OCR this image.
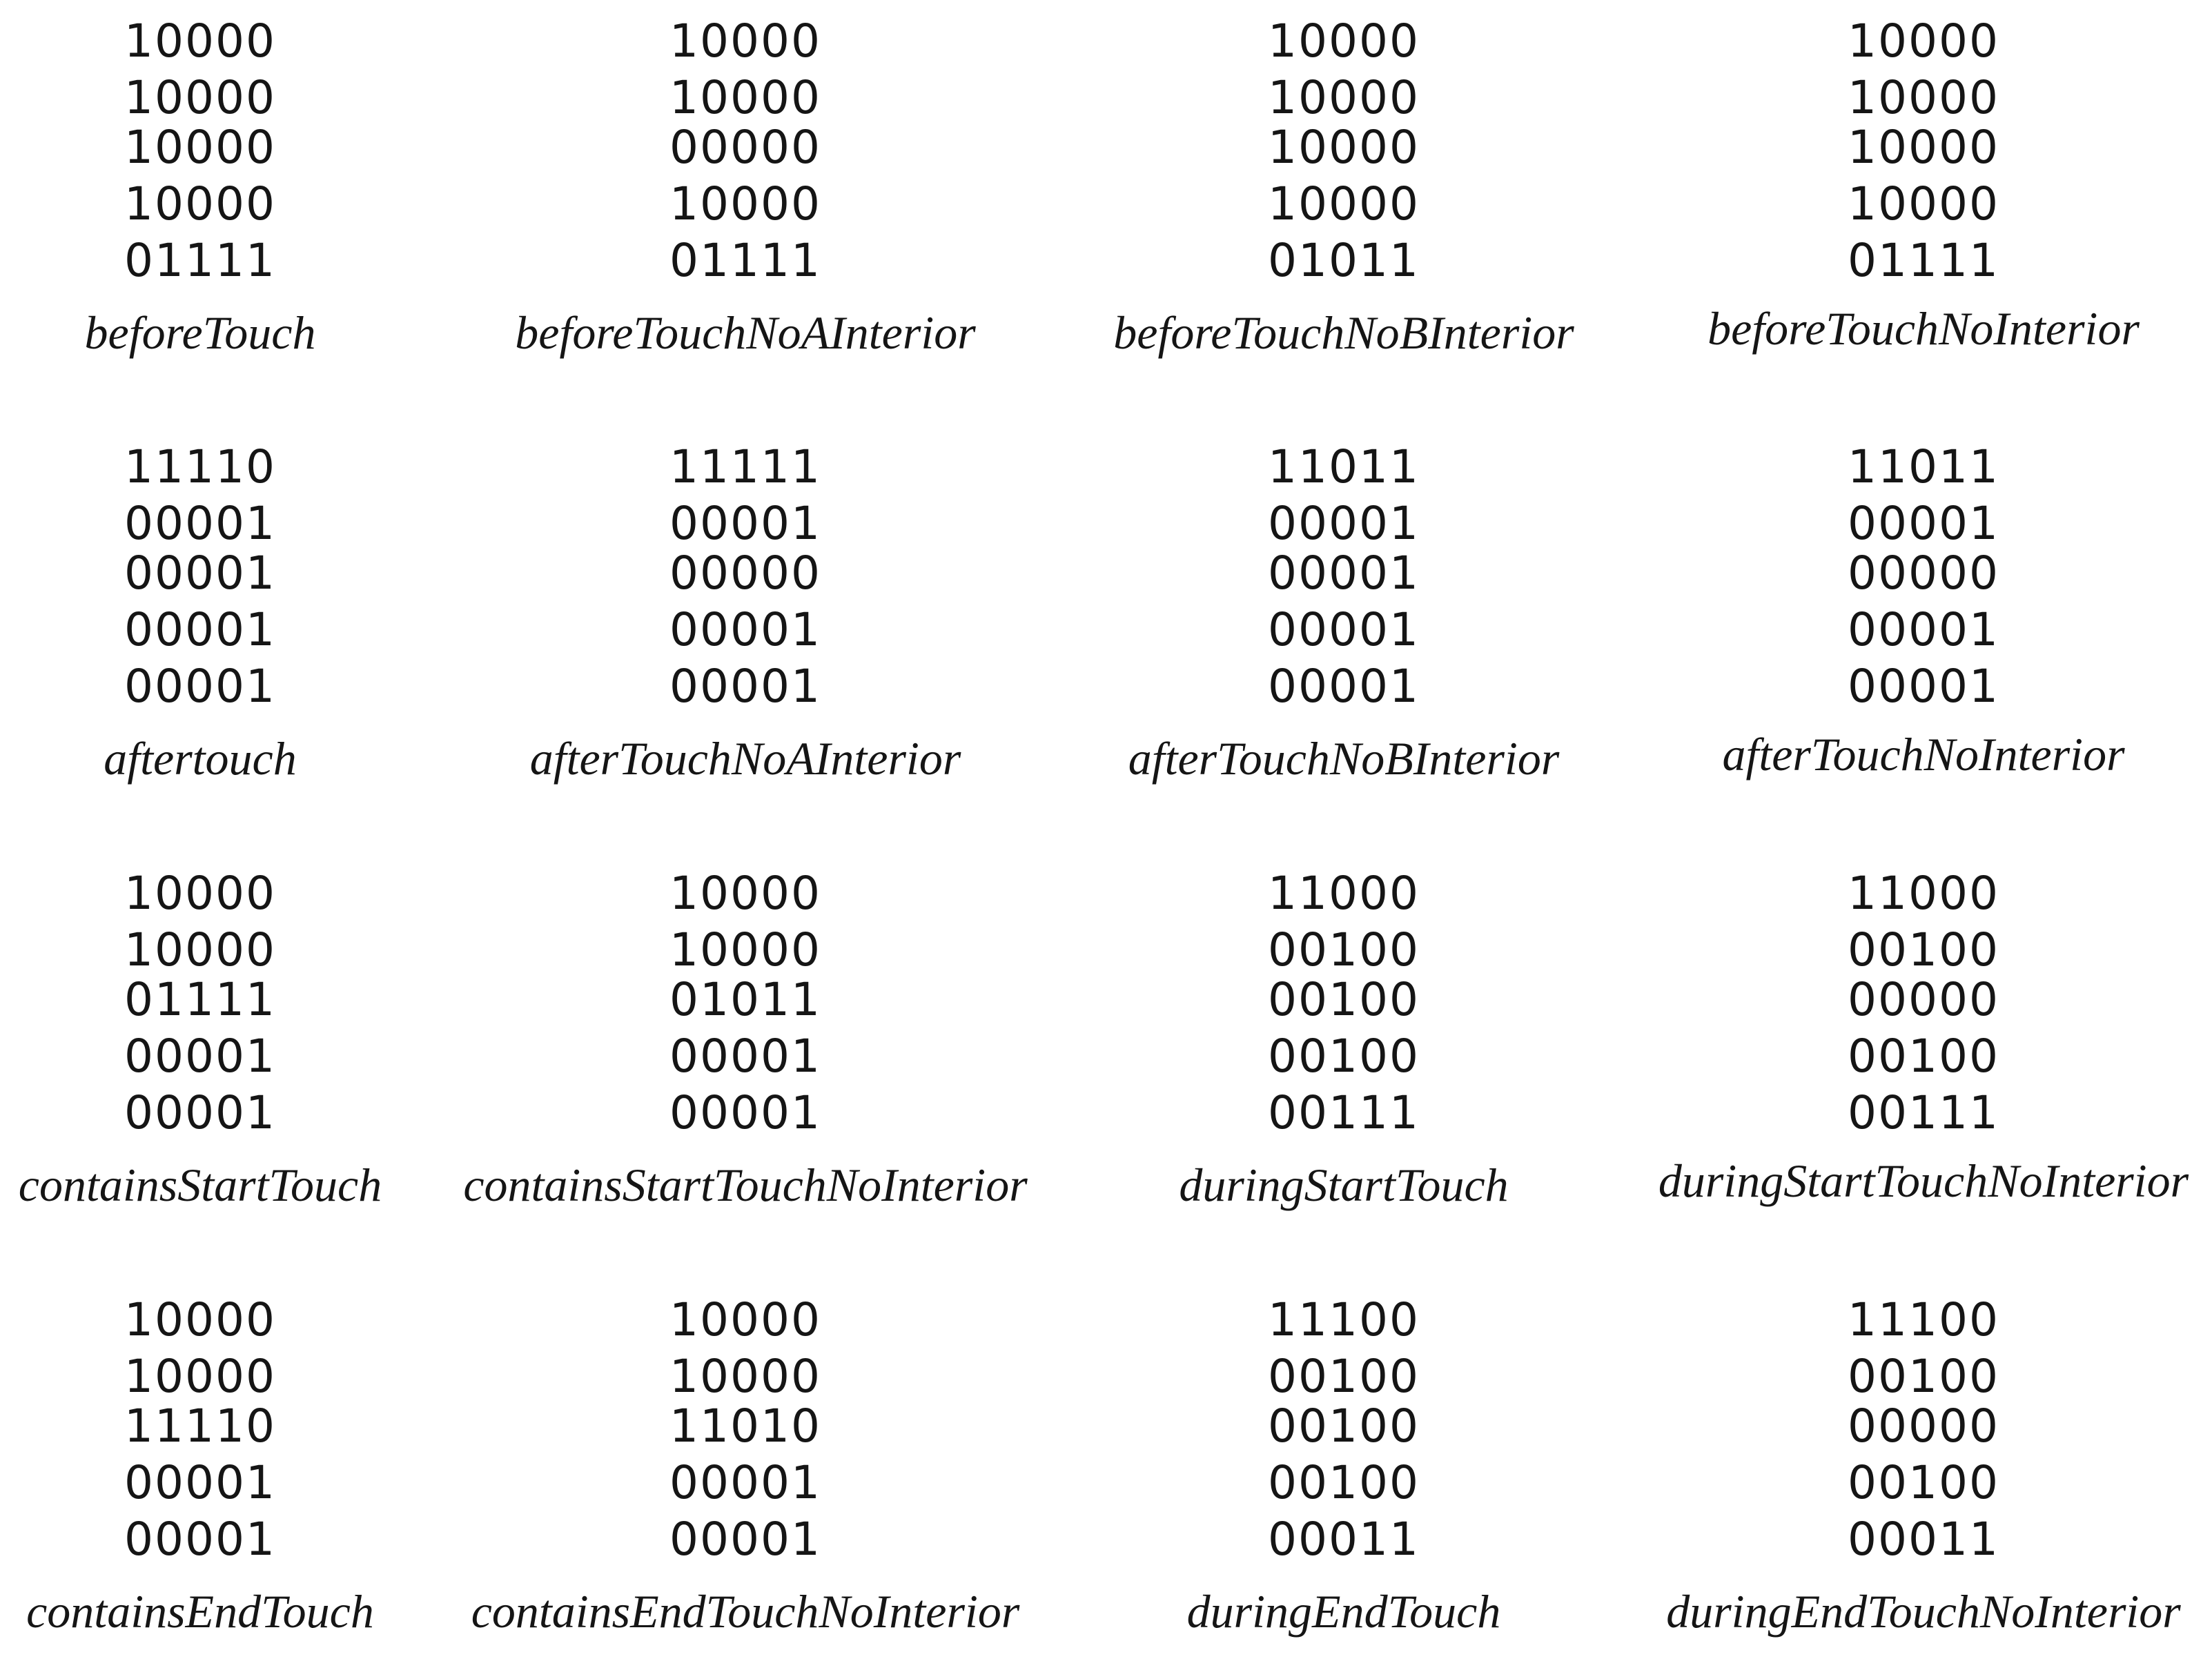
10000
10000
10000
10000
01111
beforeTouch
10000
10000
00000
10000
01111
beforeTouchNoAInterior
10000
10000
10000
10000
01011
beforeTouchNoBInterior
10000
10000
10000
10000
01111
beforeTouchNoInterior
11110
00001
00001
00001
00001
aftertouch
11111
00001
00000
00001
00001
afterTouchNoAInterior
11011
00001
00001
00001
00001
afterTouchNoBInterior
11011
00001
00000
00001
00001
afterTouchNoInterior
10000
10000
01111
00001
00001
containsStartTouch
10000
10000
01011
00001
00001
containsStartTouchNoInterior
11000
00100
00100
00100
00111
duringStartTouch
11000
00100
00000
00100
00111
duringStartTouchNoInterior
10000
10000
11110
00001
00001
containsEndTouch
10000
10000
11010
00001
00001
containsEndTouchNoInterior
11100
00100
00100
00100
00011
duringEndTouch
11100
00100
00000
00100
00011
duringEndTouchNoInterior
